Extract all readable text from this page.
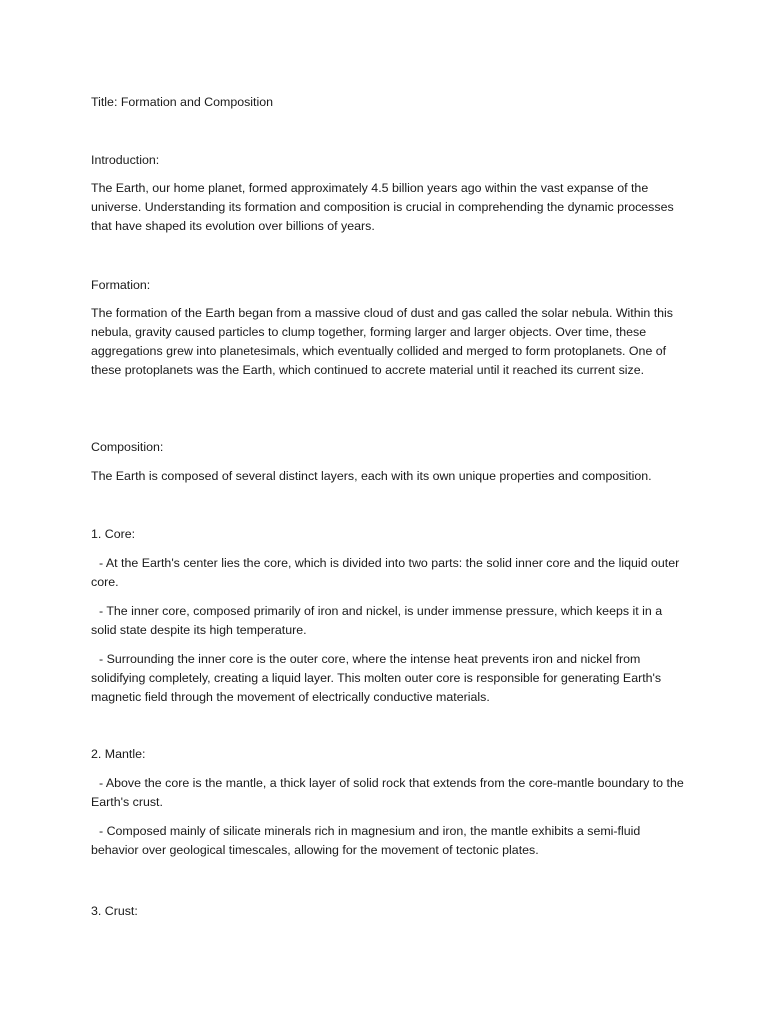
Title: Formation and Composition

Introduction:

The Earth, our home planet, formed approximately 4.5 billion years ago within the vast expanse of the universe. Understanding its formation and composition is crucial in comprehending the dynamic processes that have shaped its evolution over billions of years.

Formation:

The formation of the Earth began from a massive cloud of dust and gas called the solar nebula. Within this nebula, gravity caused particles to clump together, forming larger and larger objects. Over time, these aggregations grew into planetesimals, which eventually collided and merged to form protoplanets. One of these protoplanets was the Earth, which continued to accrete material until it reached its current size.

Composition:

The Earth is composed of several distinct layers, each with its own unique properties and composition.

1. Core:

- At the Earth's center lies the core, which is divided into two parts: the solid inner core and the liquid outer core.

- The inner core, composed primarily of iron and nickel, is under immense pressure, which keeps it in a solid state despite its high temperature.

- Surrounding the inner core is the outer core, where the intense heat prevents iron and nickel from solidifying completely, creating a liquid layer. This molten outer core is responsible for generating Earth's magnetic field through the movement of electrically conductive materials.

2. Mantle:

- Above the core is the mantle, a thick layer of solid rock that extends from the core-mantle boundary to the Earth's crust.

- Composed mainly of silicate minerals rich in magnesium and iron, the mantle exhibits a semi-fluid behavior over geological timescales, allowing for the movement of tectonic plates.

3. Crust:
